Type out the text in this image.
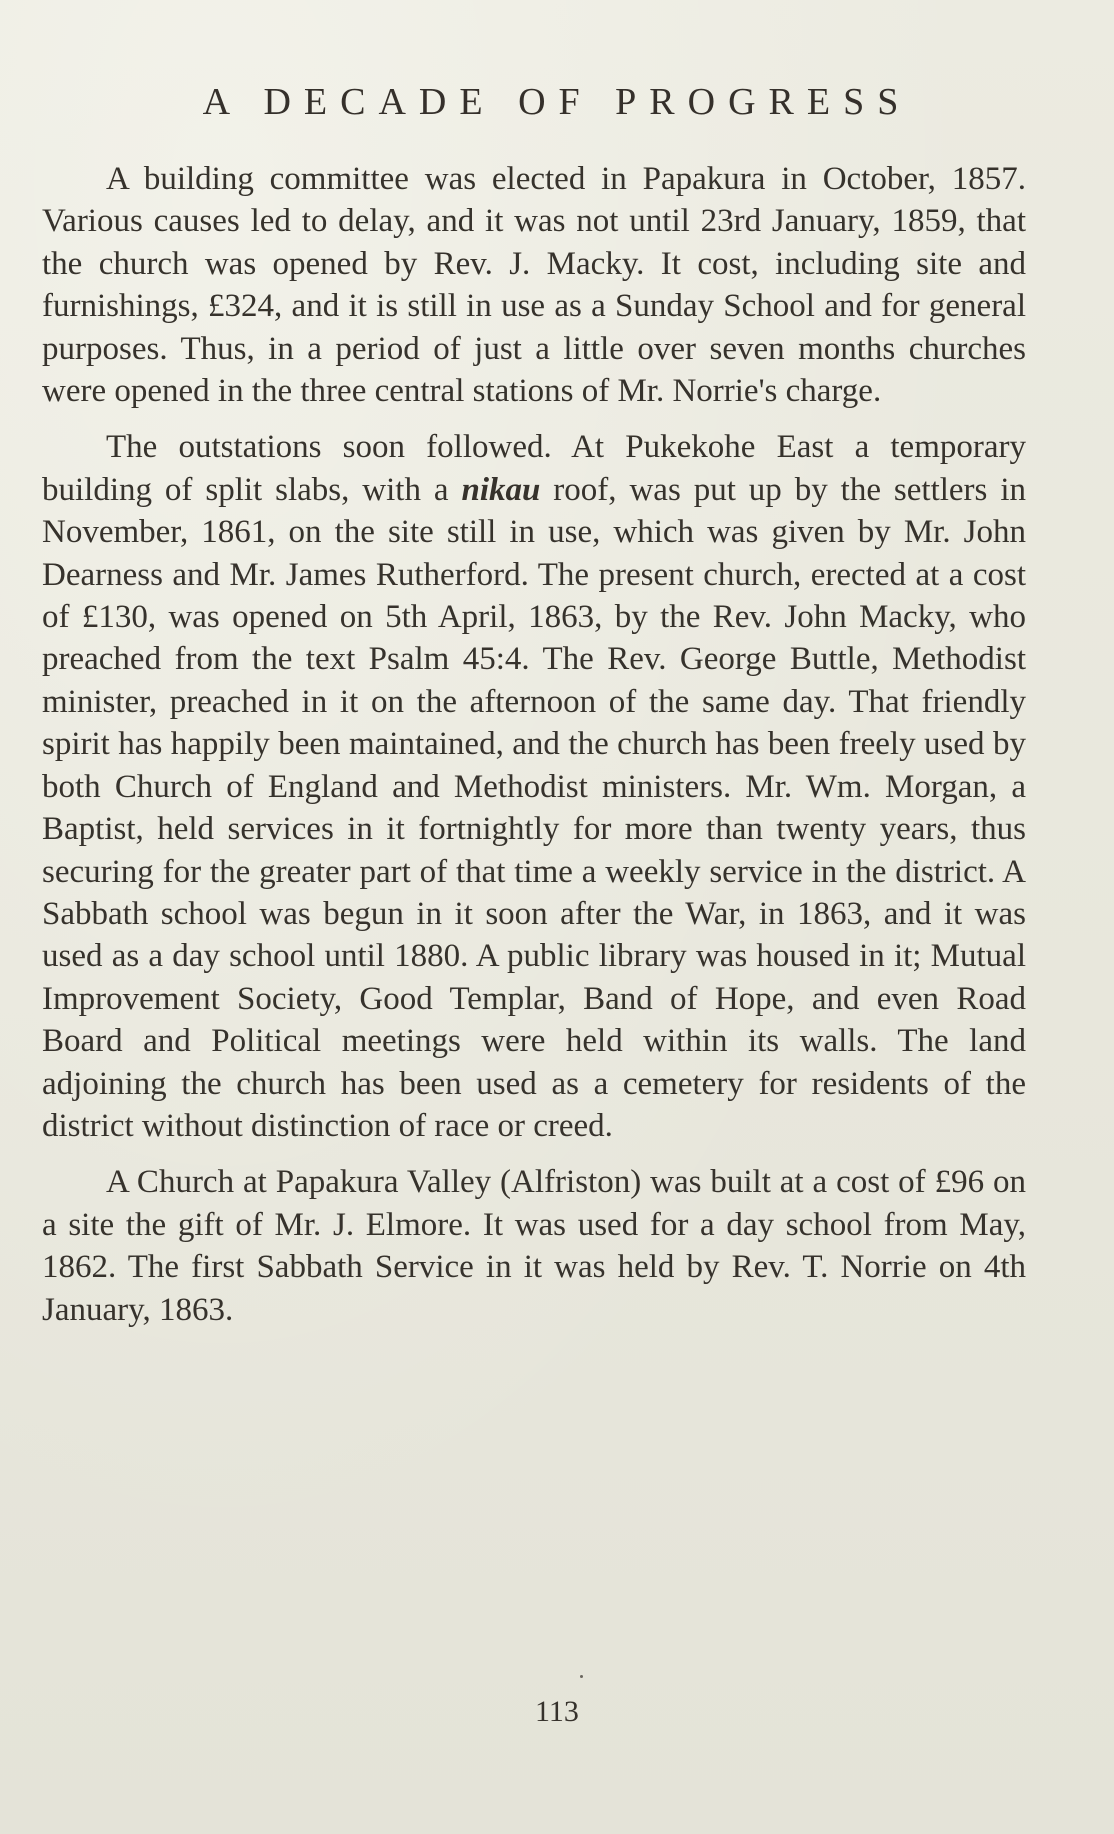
A DECADE OF PROGRESS

A building committee was elected in Papakura in October, 1857. Various causes led to delay, and it was not until 23rd January, 1859, that the church was opened by Rev. J. Macky. It cost, including site and furnishings, £324, and it is still in use as a Sunday School and for general purposes. Thus, in a period of just a little over seven months churches were opened in the three central stations of Mr. Norrie's charge.

The outstations soon followed. At Pukekohe East a temporary building of split slabs, with a nikau roof, was put up by the settlers in November, 1861, on the site still in use, which was given by Mr. John Dearness and Mr. James Rutherford. The present church, erected at a cost of £130, was opened on 5th April, 1863, by the Rev. John Macky, who preached from the text Psalm 45:4. The Rev. George Buttle, Methodist minister, preached in it on the afternoon of the same day. That friendly spirit has happily been maintained, and the church has been freely used by both Church of England and Methodist ministers. Mr. Wm. Morgan, a Baptist, held services in it fortnightly for more than twenty years, thus securing for the greater part of that time a weekly service in the district. A Sabbath school was begun in it soon after the War, in 1863, and it was used as a day school until 1880. A public library was housed in it; Mutual Improvement Society, Good Templar, Band of Hope, and even Road Board and Political meetings were held within its walls. The land adjoining the church has been used as a cemetery for residents of the district without distinction of race or creed.

A Church at Papakura Valley (Alfriston) was built at a cost of £96 on a site the gift of Mr. J. Elmore. It was used for a day school from May, 1862. The first Sabbath Service in it was held by Rev. T. Norrie on 4th January, 1863.

113
